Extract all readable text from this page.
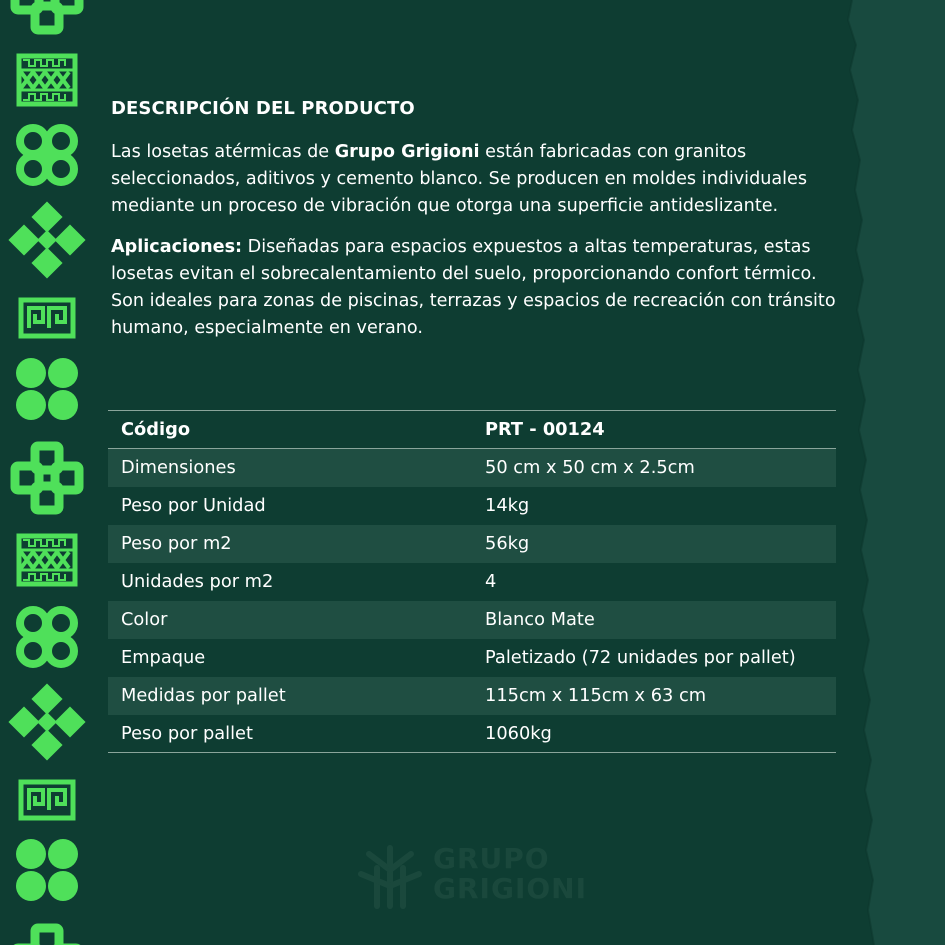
DESCRIPCIÓN DEL PRODUCTO

Las losetas atérmicas de Grupo Grigioni están fabricadas con granitos seleccionados, aditivos y cemento blanco. Se producen en moldes individuales mediante un proceso de vibración que otorga una superficie antideslizante.

Aplicaciones: Diseñadas para espacios expuestos a altas temperaturas, estas losetas evitan el sobrecalentamiento del suelo, proporcionando confort térmico. Son ideales para zonas de piscinas, terrazas y espacios de recreación con tránsito humano, especialmente en verano.

Código	PRT - 00124
Dimensiones	50 cm x 50 cm x 2.5cm
Peso por Unidad	14kg
Peso por m2	56kg
Unidades por m2	4
Color	Blanco Mate
Empaque	Paletizado (72 unidades por pallet)
Medidas por pallet	115cm x 115cm x 63 cm
Peso por pallet	1060kg
GRUPO
GRIGIONI
